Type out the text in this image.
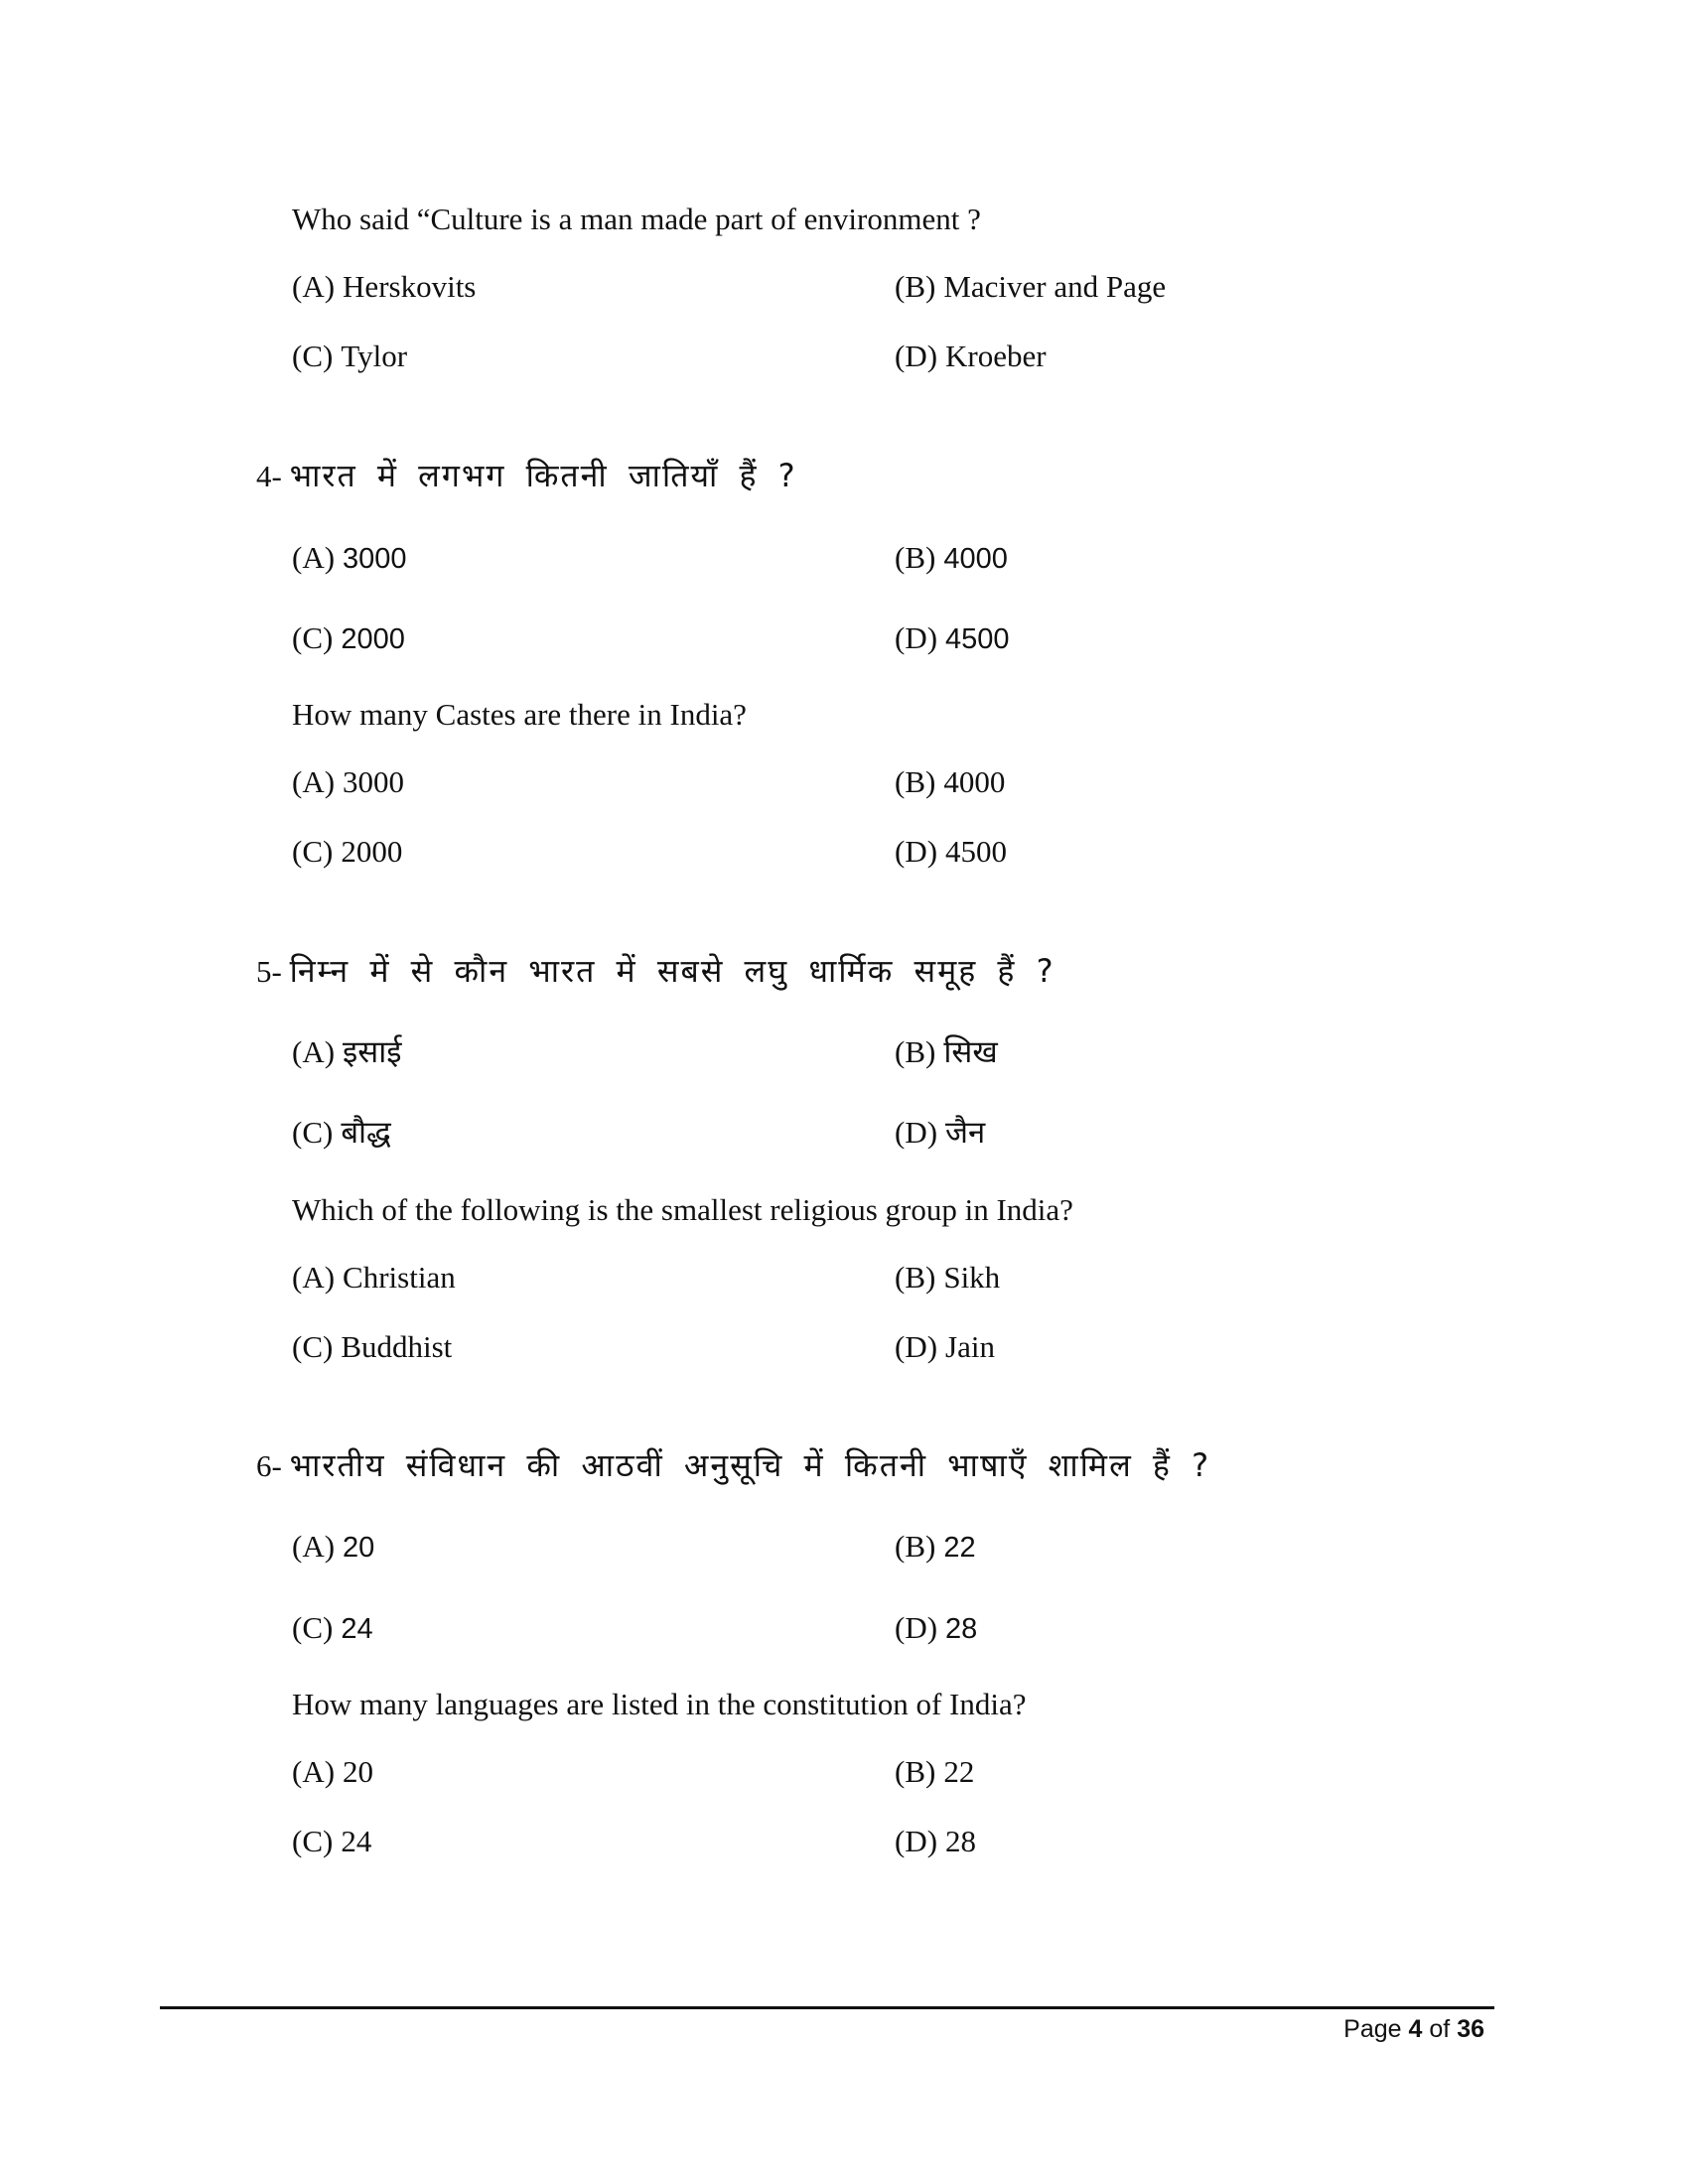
Who said “Culture is a man made part of environment ?
(A) Herskovits	(B) Maciver and Page
(C) Tylor	(D) Kroeber
4- भारत में लगभग कितनी जातियाँ हैं ?
(A) 3000	(B) 4000
(C) 2000	(D) 4500
How many Castes are there in India?
(A) 3000	(B) 4000
(C) 2000	(D) 4500
5- निम्न में से कौन भारत में सबसे लघु धार्मिक समूह हैं ?
(A) इसाई	(B) सिख
(C) बौद्ध	(D) जैन
Which of the following is the smallest religious group in India?
(A) Christian	(B) Sikh
(C) Buddhist	(D) Jain
6- भारतीय संविधान की आठवीं अनुसूचि में कितनी भाषाएँ शामिल हैं ?
(A) 20	(B) 22
(C) 24	(D) 28
How many languages are listed in the constitution of India?
(A) 20	(B) 22
(C) 24	(D) 28
Page 4 of 36
